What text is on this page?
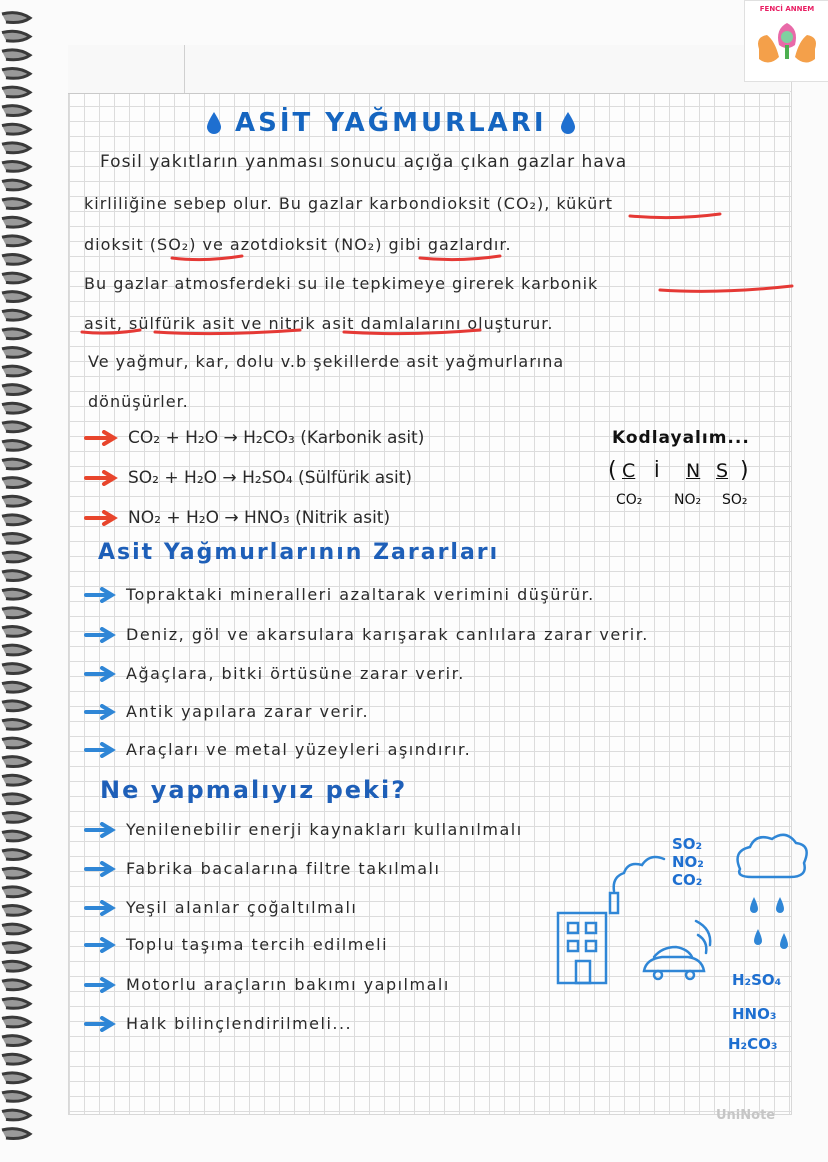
FENCİ ANNEM
ASİT YAĞMURLARI
Fosil yakıtların yanması sonucu açığa çıkan gazlar hava
kirliliğine sebep olur. Bu gazlar karbondioksit (CO₂), kükürt
dioksit (SO₂) ve azotdioksit (NO₂) gibi gazlardır.
Bu gazlar atmosferdeki su ile tepkimeye girerek karbonik
asit, sülfürik asit ve nitrik asit damlalarını oluşturur.
Ve yağmur, kar, dolu v.b şekillerde asit yağmurlarına
dönüşürler.
CO₂ + H₂O → H₂CO₃ (Karbonik asit)
SO₂ + H₂O → H₂SO₄ (Sülfürik asit)
NO₂ + H₂O → HNO₃ (Nitrik asit)
Kodlayalım...
( C İ N S )
CO₂ NO₂ SO₂
Asit Yağmurlarının Zararları
Topraktaki mineralleri azaltarak verimini düşürür.
Deniz, göl ve akarsulara karışarak canlılara zarar verir.
Ağaçlara, bitki örtüsüne zarar verir.
Antik yapılara zarar verir.
Araçları ve metal yüzeyleri aşındırır.
Ne yapmalıyız peki?
Yenilenebilir enerji kaynakları kullanılmalı
Fabrika bacalarına filtre takılmalı
Yeşil alanlar çoğaltılmalı
Toplu taşıma tercih edilmeli
Motorlu araçların bakımı yapılmalı
Halk bilinçlendirilmeli...
SO₂
NO₂
CO₂
H₂SO₄
HNO₃
H₂CO₃
UniNote
